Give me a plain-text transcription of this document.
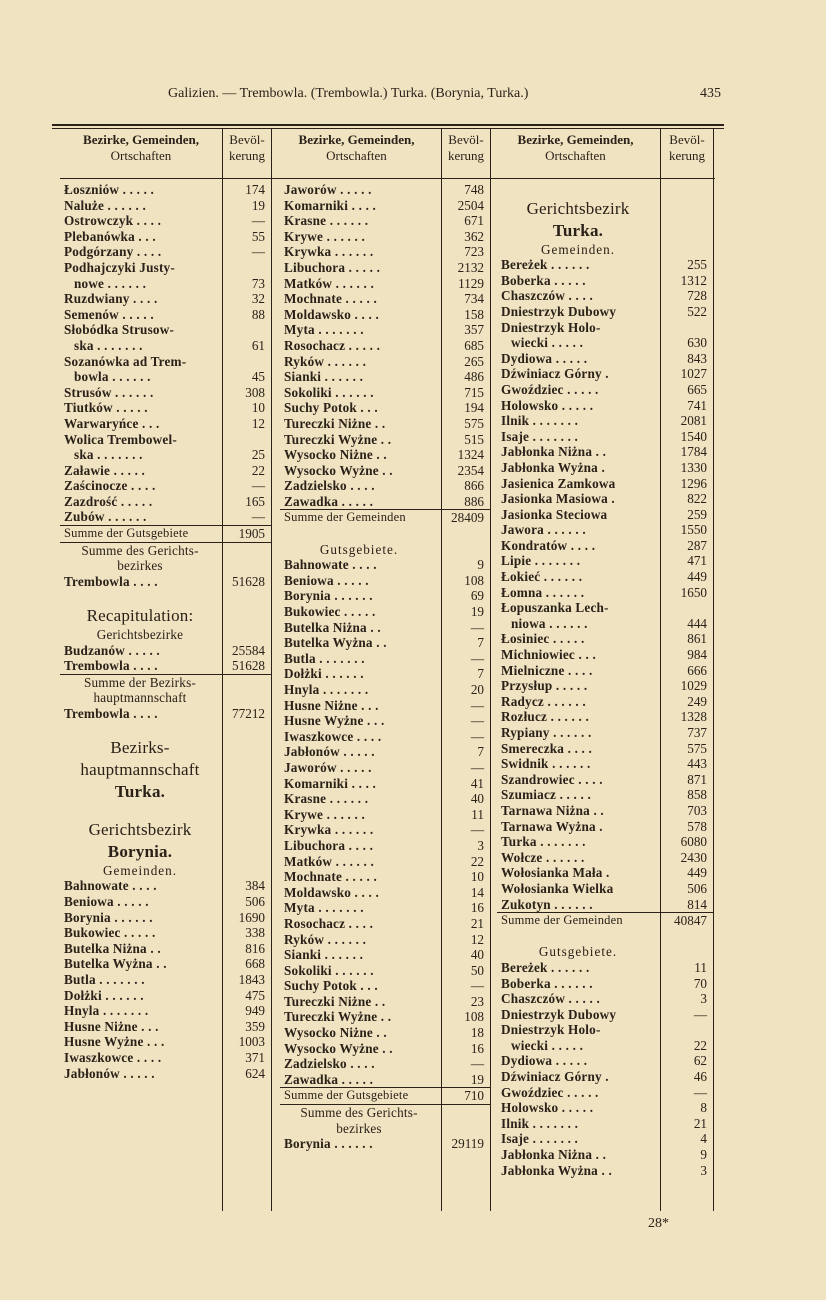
Galizien. — Trembowla. (Trembowla.) Turka. (Borynia, Turka.)	435
Bezirke, Gemeinden,
Ortschaften
Bevöl-
kerung
Bezirke, Gemeinden,
Ortschaften
Bevöl-
kerung
Bezirke, Gemeinden,
Ortschaften
Bevöl-
kerung
Łoszniów . . . . .	174
Naluże . . . . . .	19
Ostrowczyk . . . .	—
Plebanówka . . .	55
Podgórzany . . . .	—
Podhajczyki Justy-
nowe . . . . . .	73
Ruzdwiany . . . .	32
Semenów . . . . .	88
Słobódka Strusow-
ska . . . . . . .	61
Sozanówka ad Trem-
bowla . . . . . .	45
Strusów . . . . . .	308
Tiutków . . . . .	10
Warwaryńce . . .	12
Wolica Trembowel-
ska . . . . . . .	25
Załawie . . . . .	22
Zaścinocze . . . .	—
Zazdrość . . . . .	165
Zubów . . . . . .	—
Summe der Gutsgebiete	1905
Summe des Gerichts-
bezirkes
Trembowla . . . .	51628
Recapitulation:
Gerichtsbezirke
Budzanów . . . . .	25584
Trembowla . . . .	51628
Summe der Bezirks-
hauptmannschaft
Trembowla . . . .	77212
Bezirks-
hauptmannschaft
Turka.
Gerichtsbezirk
Borynia.
Gemeinden.
Bahnowate . . . .	384
Beniowa . . . . .	506
Borynia . . . . . .	1690
Bukowiec . . . . .	338
Butelka Niżna . .	816
Butelka Wyżna . .	668
Butla . . . . . . .	1843
Dołżki . . . . . .	475
Hnyla . . . . . . .	949
Husne Niżne . . .	359
Husne Wyżne . . .	1003
Iwaszkowce . . . .	371
Jabłonów . . . . .	624
Jaworów . . . . .	748
Komarniki . . . .	2504
Krasne . . . . . .	671
Krywe . . . . . .	362
Krywka . . . . . .	723
Libuchora . . . . .	2132
Matków . . . . . .	1129
Mochnate . . . . .	734
Moldawsko . . . .	158
Myta . . . . . . .	357
Rosochacz . . . . .	685
Ryków . . . . . .	265
Sianki . . . . . .	486
Sokoliki . . . . . .	715
Suchy Potok . . .	194
Tureczki Niżne . .	575
Tureczki Wyżne . .	515
Wysocko Niżne . .	1324
Wysocko Wyżne . .	2354
Zadzielsko . . . .	866
Zawadka . . . . .	886
Summe der Gemeinden	28409
Gutsgebiete.
Bahnowate . . . .	9
Beniowa . . . . .	108
Borynia . . . . . .	69
Bukowiec . . . . .	19
Butelka Niżna . .	—
Butelka Wyżna . .	7
Butla . . . . . . .	—
Dołżki . . . . . .	7
Hnyla . . . . . . .	20
Husne Niżne . . .	—
Husne Wyżne . . .	—
Iwaszkowce . . . .	—
Jabłonów . . . . .	7
Jaworów . . . . .	—
Komarniki . . . .	41
Krasne . . . . . .	40
Krywe . . . . . .	11
Krywka . . . . . .	—
Libuchora . . . .	3
Matków . . . . . .	22
Mochnate . . . . .	10
Moldawsko . . . .	14
Myta . . . . . . .	16
Rosochacz . . . .	21
Ryków . . . . . .	12
Sianki . . . . . .	40
Sokoliki . . . . . .	50
Suchy Potok . . .	—
Tureczki Niżne . .	23
Tureczki Wyżne . .	108
Wysocko Niżne . .	18
Wysocko Wyżne . .	16
Zadzielsko . . . .	—
Zawadka . . . . .	19
Summe der Gutsgebiete	710
Summe des Gerichts-
bezirkes
Borynia . . . . . .	29119
Gerichtsbezirk
Turka.
Gemeinden.
Bereżek . . . . . .	255
Boberka . . . . .	1312
Chaszczów . . . .	728
Dniestrzyk Dubowy	522
Dniestrzyk Holo-
wiecki . . . . .	630
Dydiowa . . . . .	843
Dźwiniacz Górny .	1027
Gwoździec . . . . .	665
Holowsko . . . . .	741
Ilnik . . . . . . .	2081
Isaje . . . . . . .	1540
Jabłonka Niżna . .	1784
Jabłonka Wyżna .	1330
Jasienica Zamkowa	1296
Jasionka Masiowa .	822
Jasionka Steciowa	259
Jawora . . . . . .	1550
Kondratów . . . .	287
Lipie . . . . . . .	471
Łokieć . . . . . .	449
Łomna . . . . . .	1650
Łopuszanka Lech-
niowa . . . . . .	444
Łosiniec . . . . .	861
Michniowiec . . .	984
Mielniczne . . . .	666
Przysłup . . . . .	1029
Radycz . . . . . .	249
Rozłucz . . . . . .	1328
Rypiany . . . . . .	737
Smereczka . . . .	575
Swidnik . . . . . .	443
Szandrowiec . . . .	871
Szumiacz . . . . .	858
Tarnawa Niżna . .	703
Tarnawa Wyżna .	578
Turka . . . . . . .	6080
Wołcze . . . . . .	2430
Wołosianka Mała .	449
Wołosianka Wielka	506
Zukotyn . . . . . .	814
Summe der Gemeinden	40847
Gutsgebiete.
Bereżek . . . . . .	11
Boberka . . . . . .	70
Chaszczów . . . . .	3
Dniestrzyk Dubowy	—
Dniestrzyk Holo-
wiecki . . . . .	22
Dydiowa . . . . .	62
Dźwiniacz Górny .	46
Gwoździec . . . . .	—
Holowsko . . . . .	8
Ilnik . . . . . . .	21
Isaje . . . . . . .	4
Jabłonka Niżna . .	9
Jabłonka Wyżna . .	3
28*
